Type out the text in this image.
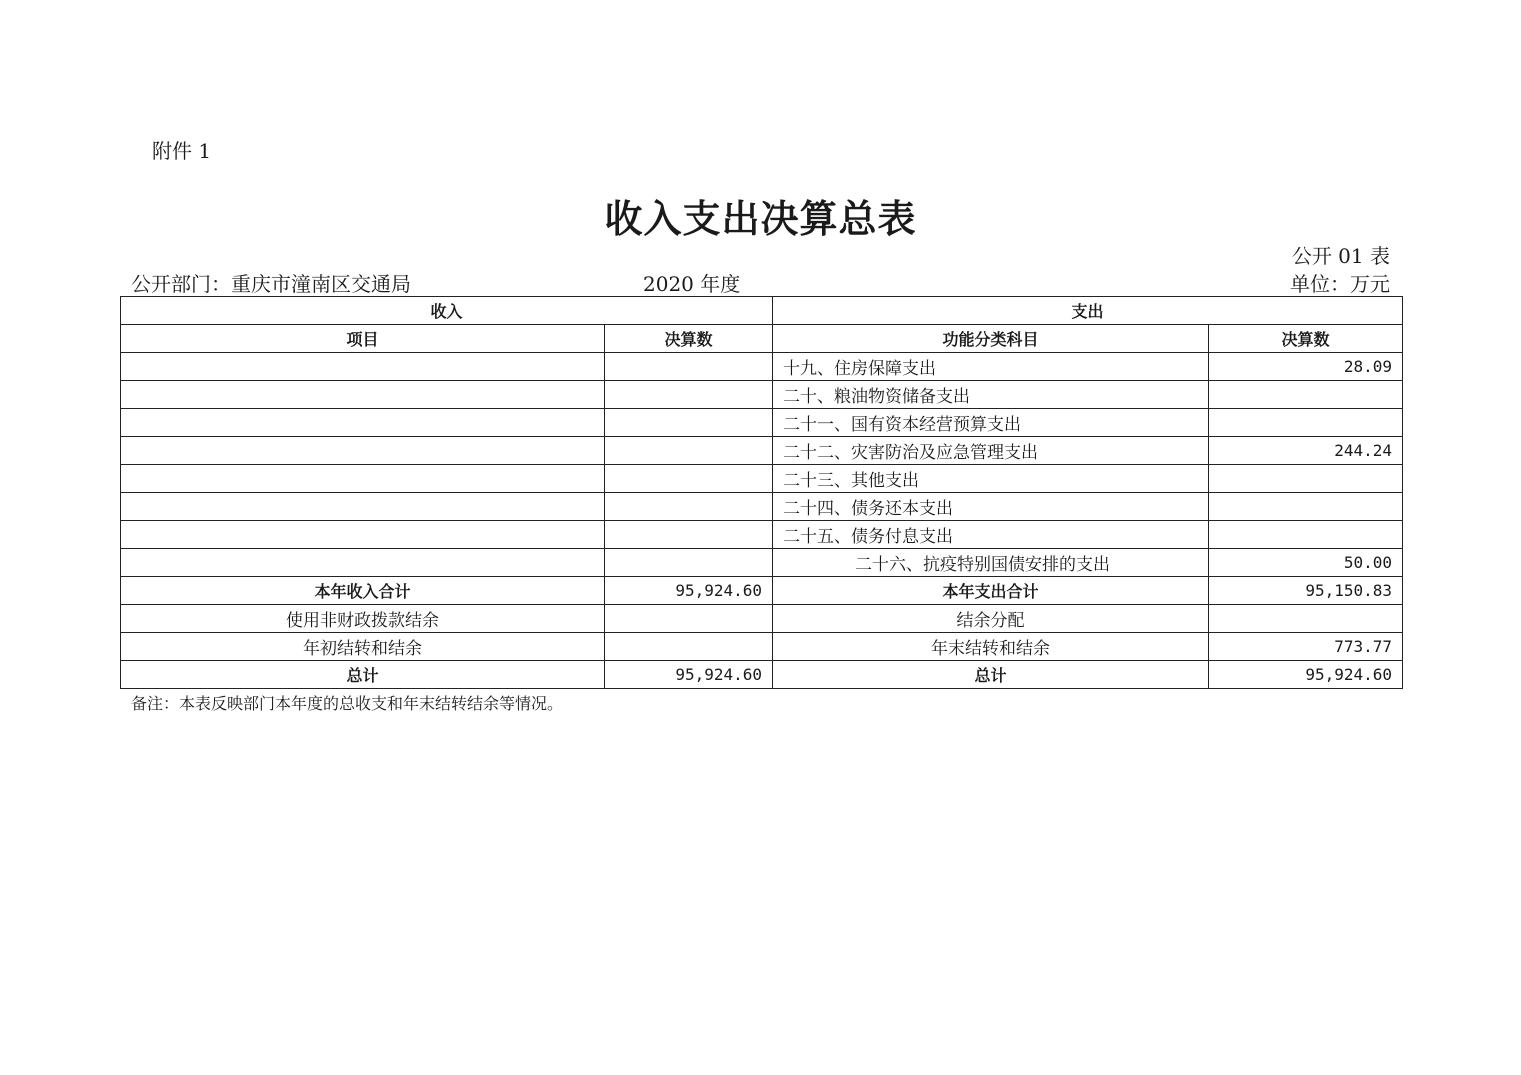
附件 1
收入支出决算总表
公开 01 表
公开部门：重庆市潼南区交通局	2020 年度	单位：万元
收入		支出	
项目	决算数	功能分类科目	决算数
		十九、住房保障支出	28.09
		二十、粮油物资储备支出	
		二十一、国有资本经营预算支出	
		二十二、灾害防治及应急管理支出	244.24
		二十三、其他支出	
		二十四、债务还本支出	
		二十五、债务付息支出	
		二十六、抗疫特别国债安排的支出	50.00
本年收入合计	95,924.60	本年支出合计	95,150.83
使用非财政拨款结余		结余分配	
年初结转和结余		年末结转和结余	773.77
总计	95,924.60	总计	95,924.60
备注：本表反映部门本年度的总收支和年末结转结余等情况。
